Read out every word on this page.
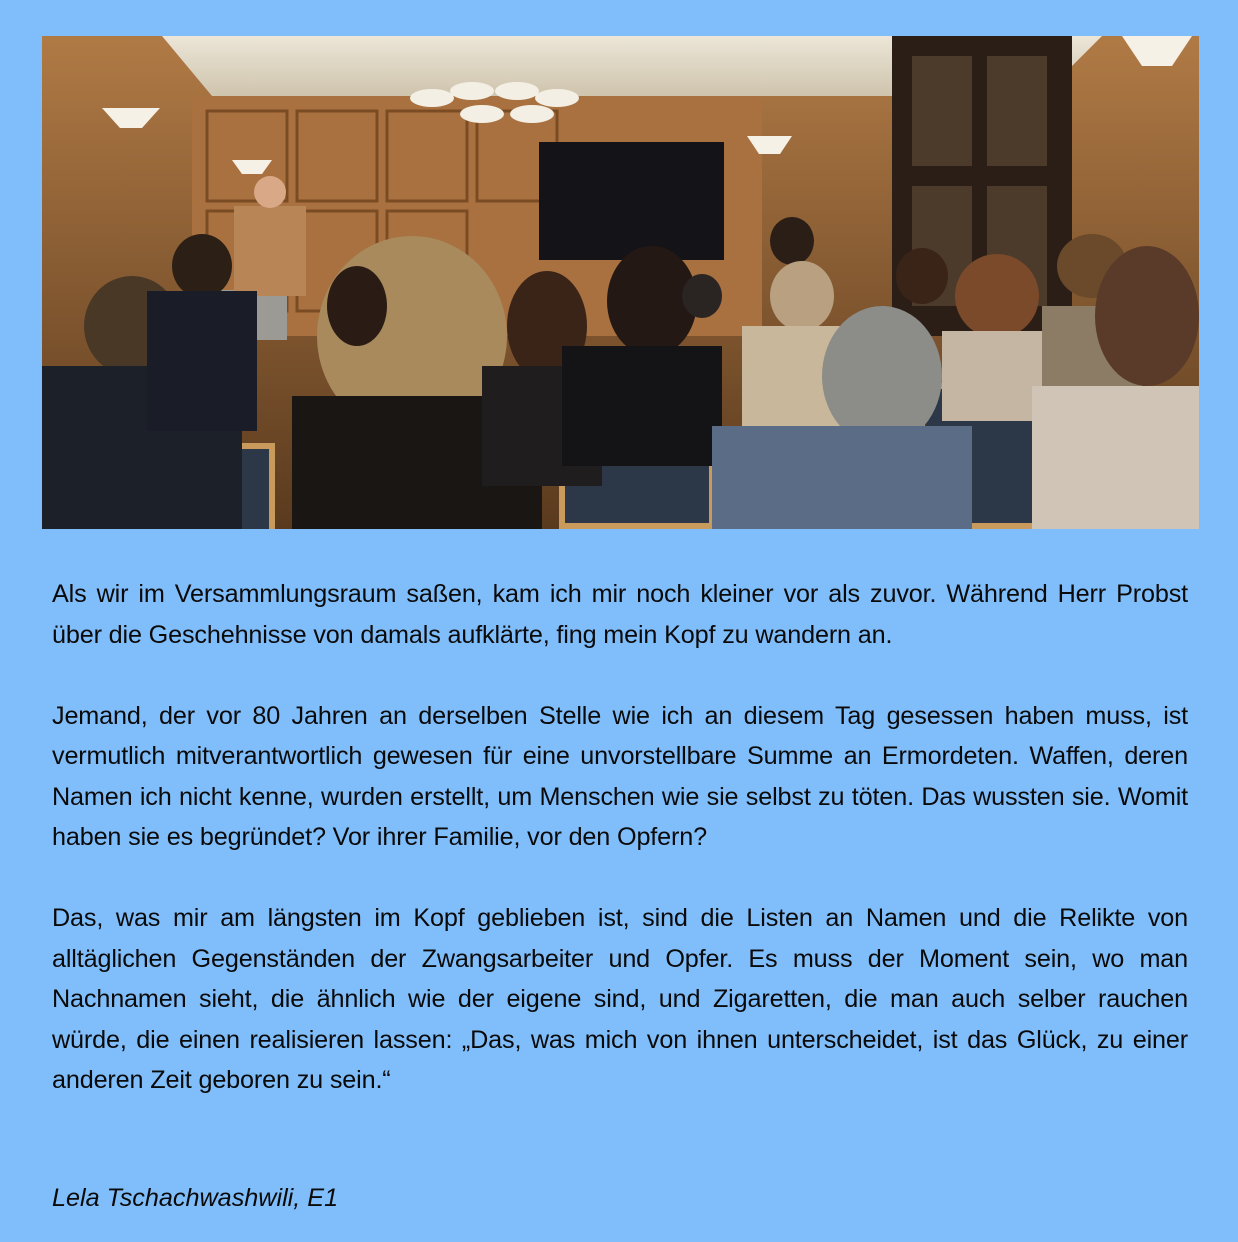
Als wir im Versammlungsraum saßen, kam ich mir noch kleiner vor als zuvor. Während Herr Probst über die Geschehnisse von damals aufklärte, fing mein Kopf zu wandern an.

Jemand, der vor 80 Jahren an derselben Stelle wie ich an diesem Tag gesessen haben muss, ist vermutlich mitverantwortlich gewesen für eine unvorstellbare Summe an Ermordeten. Waffen, deren Namen ich nicht kenne, wurden erstellt, um Menschen wie sie selbst zu töten. Das wussten sie. Womit haben sie es begründet? Vor ihrer Familie, vor den Opfern?

Das, was mir am längsten im Kopf geblieben ist, sind die Listen an Namen und die Relikte von alltäglichen Gegenständen der Zwangsarbeiter und Opfer. Es muss der Moment sein, wo man Nachnamen sieht, die ähnlich wie der eigene sind, und Zigaretten, die man auch selber rauchen würde, die einen realisieren lassen: „Das, was mich von ihnen unterscheidet, ist das Glück, zu einer anderen Zeit geboren zu sein.“

Lela Tschachwashwili, E1
